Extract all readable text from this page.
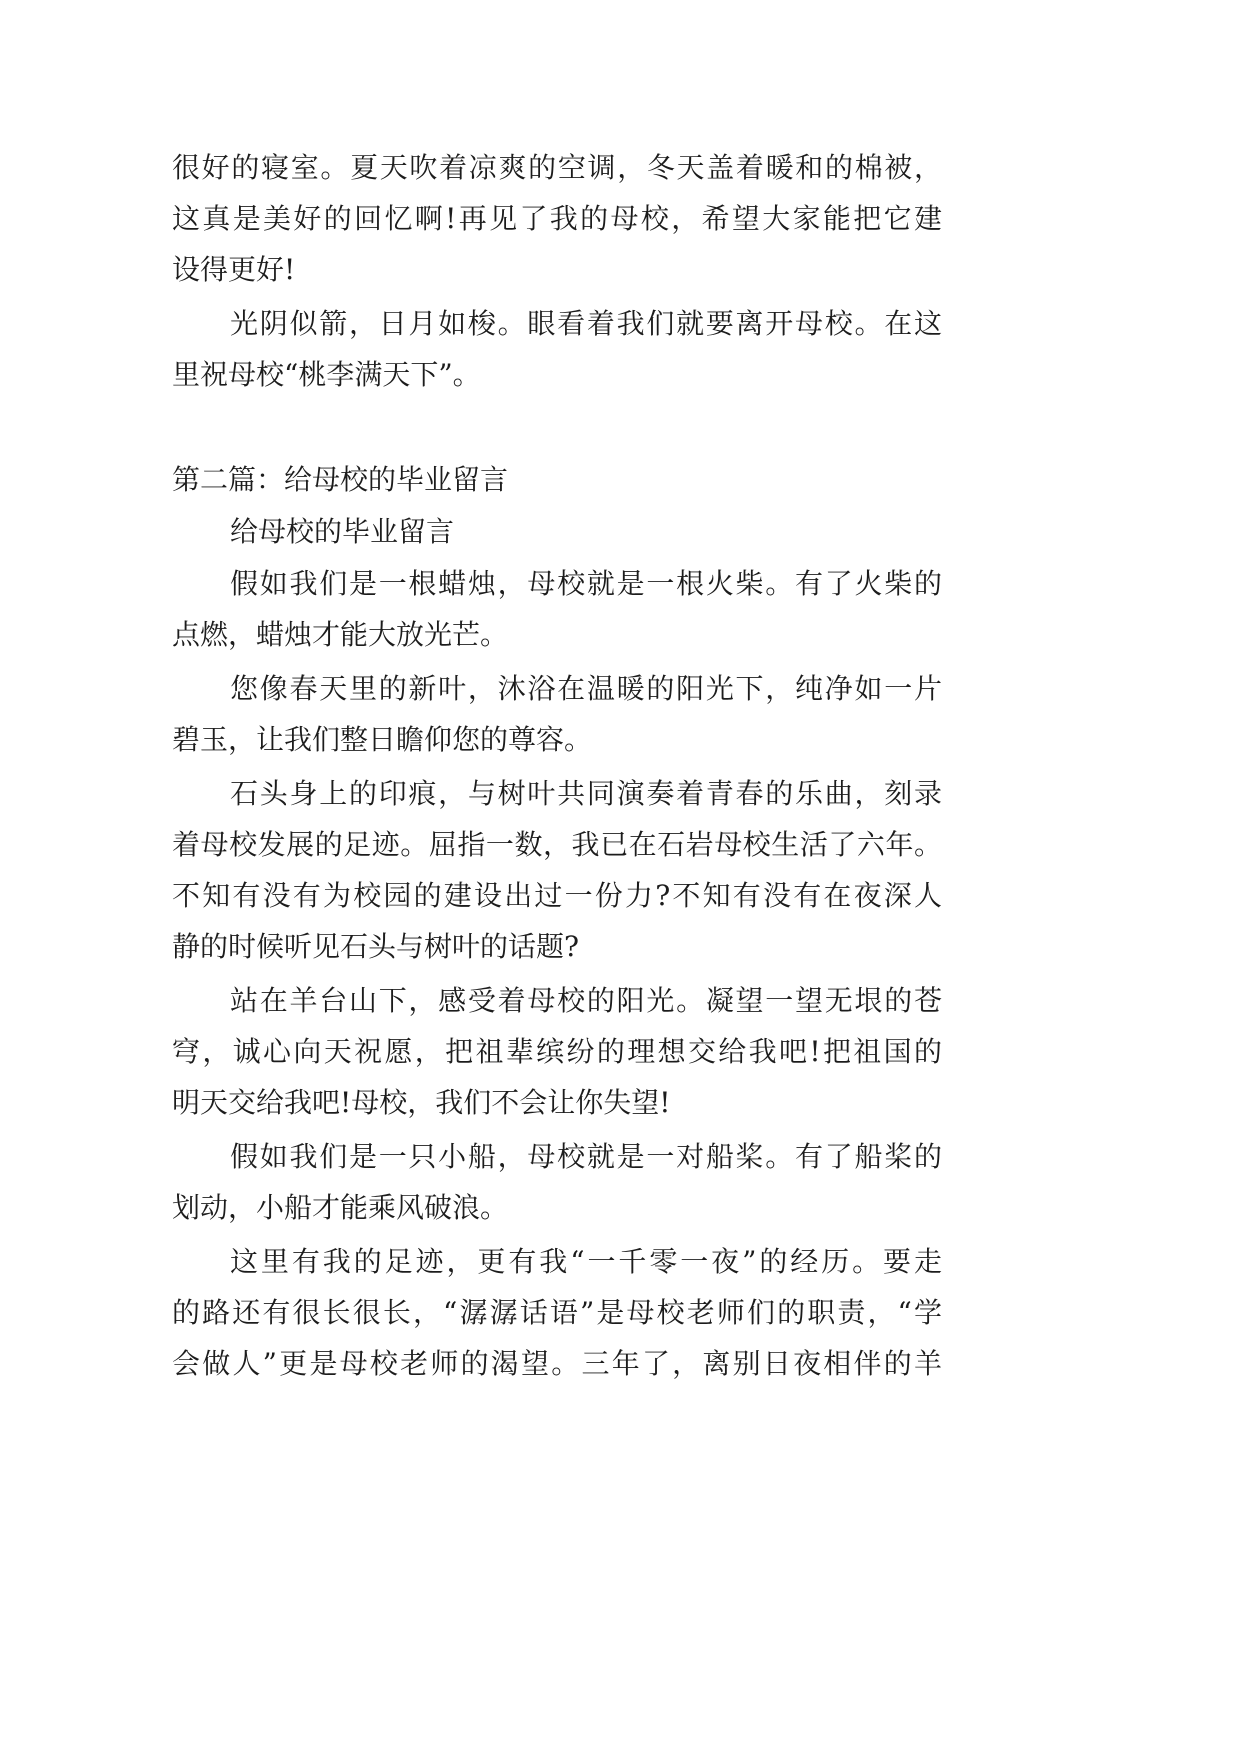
很好的寝室。夏天吹着凉爽的空调，冬天盖着暖和的棉被，
这真是美好的回忆啊!再见了我的母校，希望大家能把它建
设得更好!
光阴似箭，日月如梭。眼看着我们就要离开母校。在这
里祝母校“桃李满天下”。
第二篇：给母校的毕业留言
给母校的毕业留言
假如我们是一根蜡烛，母校就是一根火柴。有了火柴的
点燃，蜡烛才能大放光芒。
您像春天里的新叶，沐浴在温暖的阳光下，纯净如一片
碧玉，让我们整日瞻仰您的尊容。
石头身上的印痕，与树叶共同演奏着青春的乐曲，刻录
着母校发展的足迹。屈指一数，我已在石岩母校生活了六年。
不知有没有为校园的建设出过一份力?不知有没有在夜深人
静的时候听见石头与树叶的话题?
站在羊台山下，感受着母校的阳光。凝望一望无垠的苍
穹，诚心向天祝愿，把祖辈缤纷的理想交给我吧!把祖国的
明天交给我吧!母校，我们不会让你失望!
假如我们是一只小船，母校就是一对船桨。有了船桨的
划动，小船才能乘风破浪。
这里有我的足迹，更有我“一千零一夜”的经历。要走
的路还有很长很长，“潺潺话语”是母校老师们的职责，“学
会做人”更是母校老师的渴望。三年了，离别日夜相伴的羊
